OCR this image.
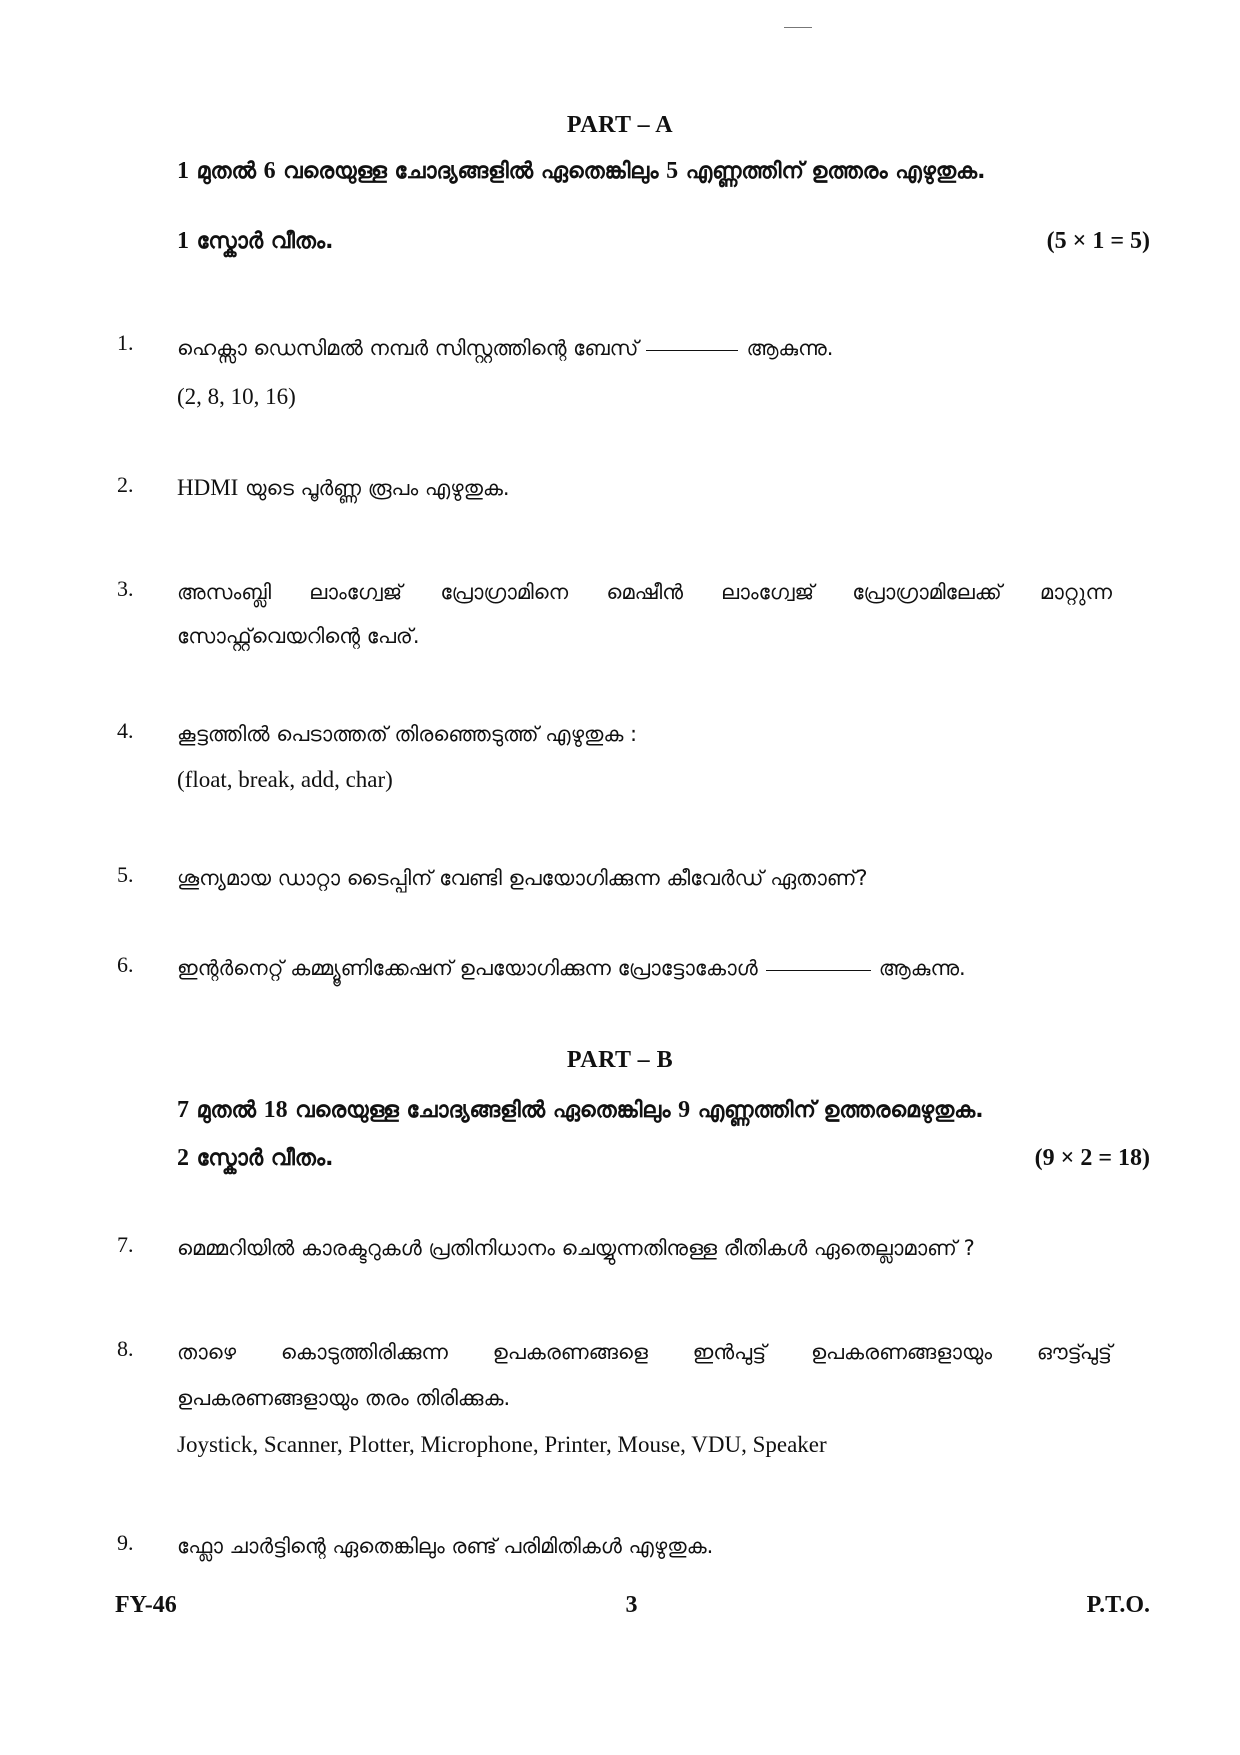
PART – A
1 മുതൽ 6 വരെയുള്ള ചോദ്യങ്ങളിൽ ഏതെങ്കിലും 5 എണ്ണത്തിന് ഉത്തരം എഴുതുക.
1 സ്കോർ വീതം.	(5 × 1 = 5)
1. ഹെക്സാ ഡെസിമൽ നമ്പർ സിസ്റ്റത്തിന്റെ ബേസ്	ആകുന്നു.
(2, 8, 10, 16)
2. HDMI യുടെ പൂർണ്ണ രൂപം എഴുതുക.
3. അസംബ്ലി ലാംഗ്വേജ് പ്രോഗ്രാമിനെ മെഷീൻ ലാംഗ്വേജ് പ്രോഗ്രാമിലേക്ക് മാറ്റുന്ന
സോഫ്റ്റ്‌വെയറിന്റെ പേര്.
4. കൂട്ടത്തിൽ പെടാത്തത് തിരഞ്ഞെടുത്ത് എഴുതുക :
(float, break, add, char)
5. ശൂന്യമായ ഡാറ്റാ ടൈപ്പിന് വേണ്ടി ഉപയോഗിക്കുന്ന കീവേർഡ് ഏതാണ്?
6. ഇന്റർനെറ്റ് കമ്മ്യൂണിക്കേഷന് ഉപയോഗിക്കുന്ന പ്രോട്ടോകോൾ	ആകുന്നു.
PART – B
7 മുതൽ 18 വരെയുള്ള ചോദ്യങ്ങളിൽ ഏതെങ്കിലും 9 എണ്ണത്തിന് ഉത്തരമെഴുതുക.
2 സ്കോർ വീതം.	(9 × 2 = 18)
7. മെമ്മറിയിൽ കാരക്ടറുകൾ പ്രതിനിധാനം ചെയ്യുന്നതിനുള്ള രീതികൾ ഏതെല്ലാമാണ് ?
8. താഴെ കൊടുത്തിരിക്കുന്ന ഉപകരണങ്ങളെ ഇൻപുട്ട് ഉപകരണങ്ങളായും ഔട്ട്പുട്ട്
ഉപകരണങ്ങളായും തരം തിരിക്കുക.
Joystick, Scanner, Plotter, Microphone, Printer, Mouse, VDU, Speaker
9. ഫ്ലോ ചാർട്ടിന്റെ ഏതെങ്കിലും രണ്ട് പരിമിതികൾ എഴുതുക.
FY-46	3	P.T.O.
